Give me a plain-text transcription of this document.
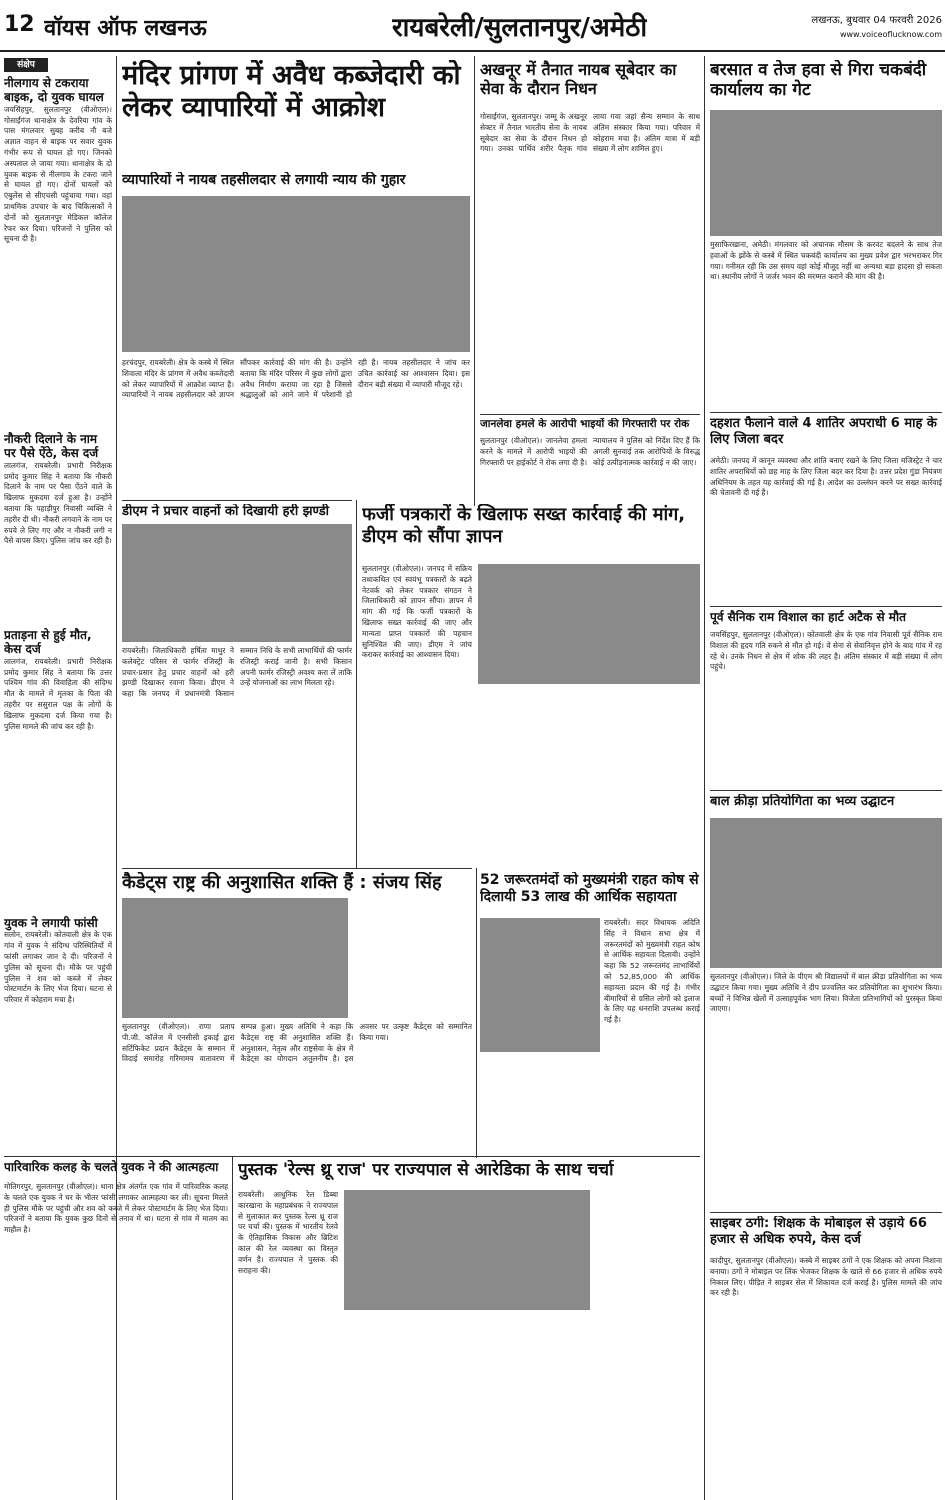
12 वॉयस ऑफ लखनऊ	रायबरेली/सुलतानपुर/अमेठी	लखनऊ, बुधवार 04 फरवरी 2026
www.voiceoflucknow.com
संक्षेप
नीलगाय से टकराया बाइक, दो युवक घायल
जयसिंहपुर, सुलतानपुर (वीओएल)। गोसाईंगंज थानाक्षेत्र के देवरिया गांव के पास मंगलवार सुबह करीब नौ बजे अज्ञात वाहन से बाइक पर सवार युवक गंभीर रूप से घायल हो गए। जिनको अस्पताल ले जाया गया। थानाक्षेत्र के दो युवक बाइक से नीलगाय के टकरा जाने से घायल हो गए। दोनों घायलों को एंबुलेंस से सीएचसी पहुंचाया गया। वहां प्राथमिक उपचार के बाद चिकित्सकों ने दोनों को सुलतानपुर मेडिकल कॉलेज रेफर कर दिया। परिजनों ने पुलिस को सूचना दी है।
नौकरी दिलाने के नाम पर पैसे ऐंठे, केस दर्ज
लालगंज, रायबरेली। प्रभारी निरीक्षक प्रमोद कुमार सिंह ने बताया कि नौकरी दिलाने के नाम पर पैसा ऐंठने वाले के खिलाफ मुकदमा दर्ज हुआ है। उन्होंने बताया कि पहाड़ीपुर निवासी व्यक्ति ने तहरीर दी थी। नौकरी लगवाने के नाम पर रुपये ले लिए गए और न नौकरी लगी न पैसे वापस किए। पुलिस जांच कर रही है।
प्रताड़ना से हुई मौत, केस दर्ज
लालगंज, रायबरेली। प्रभारी निरीक्षक प्रमोद कुमार सिंह ने बताया कि उत्तर पश्चिम गांव की विवाहिता की संदिग्ध मौत के मामले में मृतका के पिता की तहरीर पर ससुराल पक्ष के लोगों के खिलाफ मुकदमा दर्ज किया गया है। पुलिस मामले की जांच कर रही है।
युवक ने लगायी फांसी
सलोन, रायबरेली। कोतवाली क्षेत्र के एक गांव में युवक ने संदिग्ध परिस्थितियों में फांसी लगाकर जान दे दी। परिजनों ने पुलिस को सूचना दी। मौके पर पहुंची पुलिस ने शव को कब्जे में लेकर पोस्टमार्टम के लिए भेज दिया। घटना से परिवार में कोहराम मचा है।
मंदिर प्रांगण में अवैध कब्जेदारी को लेकर व्यापारियों में आक्रोश
व्यापारियों ने नायब तहसीलदार से लगायी न्याय की गुहार
हरचंदपुर, रायबरेली। क्षेत्र के कस्बे में स्थित शिवाला मंदिर के प्रांगण में अवैध कब्जेदारी को लेकर व्यापारियों में आक्रोश व्याप्त है। व्यापारियों ने नायब तहसीलदार को ज्ञापन सौंपकर कार्रवाई की मांग की है। उन्होंने बताया कि मंदिर परिसर में कुछ लोगों द्वारा अवैध निर्माण कराया जा रहा है जिससे श्रद्धालुओं को आने जाने में परेशानी हो रही है। नायब तहसीलदार ने जांच कर उचित कार्रवाई का आश्वासन दिया। इस दौरान बड़ी संख्या में व्यापारी मौजूद रहे।
अखनूर में तैनात नायब सूबेदार का सेवा के दौरान निधन
गोसाईंगंज, सुलतानपुर। जम्मू के अखनूर सेक्टर में तैनात भारतीय सेना के नायब सूबेदार का सेवा के दौरान निधन हो गया। उनका पार्थिव शरीर पैतृक गांव लाया गया जहां सैन्य सम्मान के साथ अंतिम संस्कार किया गया। परिवार में कोहराम मचा है। अंतिम यात्रा में बड़ी संख्या में लोग शामिल हुए।
जानलेवा हमले के आरोपी भाइयों की गिरफ्तारी पर रोक
सुलतानपुर (वीओएल)। जानलेवा हमला करने के मामले में आरोपी भाइयों की गिरफ्तारी पर हाईकोर्ट ने रोक लगा दी है। न्यायालय ने पुलिस को निर्देश दिए हैं कि अगली सुनवाई तक आरोपियों के विरुद्ध कोई उत्पीड़नात्मक कार्रवाई न की जाए।
बरसात व तेज हवा से गिरा चकबंदी कार्यालय का गेट
मुसाफिरखाना, अमेठी। मंगलवार को अचानक मौसम के करवट बदलने के साथ तेज हवाओं के झोंके से कस्बे में स्थित चकबंदी कार्यालय का मुख्य प्रवेश द्वार भरभराकर गिर गया। गनीमत रही कि उस समय वहां कोई मौजूद नहीं था अन्यथा बड़ा हादसा हो सकता था। स्थानीय लोगों ने जर्जर भवन की मरम्मत कराने की मांग की है।
दहशत फैलाने वाले 4 शातिर अपराधी 6 माह के लिए जिला बदर
अमेठी। जनपद में कानून व्यवस्था और शांति बनाए रखने के लिए जिला मजिस्ट्रेट ने चार शातिर अपराधियों को छह माह के लिए जिला बदर कर दिया है। उत्तर प्रदेश गुंडा नियंत्रण अधिनियम के तहत यह कार्रवाई की गई है। आदेश का उल्लंघन करने पर सख्त कार्रवाई की चेतावनी दी गई है।
पूर्व सैनिक राम विशाल का हार्ट अटैक से मौत
जयसिंहपुर, सुलतानपुर (वीओएल)। कोतवाली क्षेत्र के एक गांव निवासी पूर्व सैनिक राम विशाल की हृदय गति रुकने से मौत हो गई। वे सेना से सेवानिवृत्त होने के बाद गांव में रह रहे थे। उनके निधन से क्षेत्र में शोक की लहर है। अंतिम संस्कार में बड़ी संख्या में लोग पहुंचे।
बाल क्रीड़ा प्रतियोगिता का भव्य उद्घाटन
सुलतानपुर (वीओएल)। जिले के पीएम श्री विद्यालयों में बाल क्रीड़ा प्रतियोगिता का भव्य उद्घाटन किया गया। मुख्य अतिथि ने दीप प्रज्वलित कर प्रतियोगिता का शुभारंभ किया। बच्चों ने विभिन्न खेलों में उत्साहपूर्वक भाग लिया। विजेता प्रतिभागियों को पुरस्कृत किया जाएगा।
साइबर ठगी: शिक्षक के मोबाइल से उड़ाये 66 हजार से अधिक रुपये, केस दर्ज
कादीपुर, सुलतानपुर (वीओएल)। कस्बे में साइबर ठगों ने एक शिक्षक को अपना निशाना बनाया। ठगों ने मोबाइल पर लिंक भेजकर शिक्षक के खाते से 66 हजार से अधिक रुपये निकाल लिए। पीड़ित ने साइबर सेल में शिकायत दर्ज कराई है। पुलिस मामले की जांच कर रही है।
डीएम ने प्रचार वाहनों को दिखायी हरी झण्डी
रायबरेली। जिलाधिकारी हर्षिता माथुर ने कलेक्ट्रेट परिसर से फार्मर रजिस्ट्री के प्रचार-प्रसार हेतु प्रचार वाहनों को हरी झण्डी दिखाकर रवाना किया। डीएम ने कहा कि जनपद में प्रधानमंत्री किसान सम्मान निधि के सभी लाभार्थियों की फार्मर रजिस्ट्री कराई जानी है। सभी किसान अपनी फार्मर रजिस्ट्री अवश्य करा लें ताकि उन्हें योजनाओं का लाभ मिलता रहे।
फर्जी पत्रकारों के खिलाफ सख्त कार्रवाई की मांग, डीएम को सौंपा ज्ञापन
सुलतानपुर (वीओएल)। जनपद में सक्रिय तथाकथित एवं स्वयंभू पत्रकारों के बढ़ते नेटवर्क को लेकर पत्रकार संगठन ने जिलाधिकारी को ज्ञापन सौंपा। ज्ञापन में मांग की गई कि फर्जी पत्रकारों के खिलाफ सख्त कार्रवाई की जाए और मान्यता प्राप्त पत्रकारों की पहचान सुनिश्चित की जाए। डीएम ने जांच कराकर कार्रवाई का आश्वासन दिया।
कैडेट्स राष्ट्र की अनुशासित शक्ति हैं : संजय सिंह
सुलतानपुर (वीओएल)। राणा प्रताप पी.जी. कॉलेज में एनसीसी इकाई द्वारा सर्टिफिकेट प्रदान कैडेट्स के सम्मान में विदाई समारोह गरिमामय वातावरण में सम्पन्न हुआ। मुख्य अतिथि ने कहा कि कैडेट्स राष्ट्र की अनुशासित शक्ति हैं। अनुशासन, नेतृत्व और राष्ट्रसेवा के क्षेत्र में कैडेट्स का योगदान अतुलनीय है। इस अवसर पर उत्कृष्ट कैडेट्स को सम्मानित किया गया।
52 जरूरतमंदों को मुख्यमंत्री राहत कोष से दिलायी 53 लाख की आर्थिक सहायता
रायबरेली। सदर विधायक अदिति सिंह ने विधान सभा क्षेत्र में जरूरतमंदों को मुख्यमंत्री राहत कोष से आर्थिक सहायता दिलायी। उन्होंने कहा कि 52 जरूरतमंद लाभार्थियों को 52,85,000 की आर्थिक सहायता प्रदान की गई है। गंभीर बीमारियों से ग्रसित लोगों को इलाज के लिए यह धनराशि उपलब्ध कराई गई है।
पारिवारिक कलह के चलते युवक ने की आत्महत्या
मोतिगरपुर, सुलतानपुर (वीओएल)। थाना क्षेत्र अंतर्गत एक गांव में पारिवारिक कलह के चलते एक युवक ने घर के भीतर फांसी लगाकर आत्महत्या कर ली। सूचना मिलते ही पुलिस मौके पर पहुंची और शव को कब्जे में लेकर पोस्टमार्टम के लिए भेज दिया। परिजनों ने बताया कि युवक कुछ दिनों से तनाव में था। घटना से गांव में मातम का माहौल है।
पुस्तक 'रेल्स थ्रू राज' पर राज्यपाल से आरेडिका के साथ चर्चा
रायबरेली। आधुनिक रेल डिब्बा कारखाना के महाप्रबंधक ने राज्यपाल से मुलाकात कर पुस्तक रेल्स थ्रू राज पर चर्चा की। पुस्तक में भारतीय रेलवे के ऐतिहासिक विकास और ब्रिटिश काल की रेल व्यवस्था का विस्तृत वर्णन है। राज्यपाल ने पुस्तक की सराहना की।
